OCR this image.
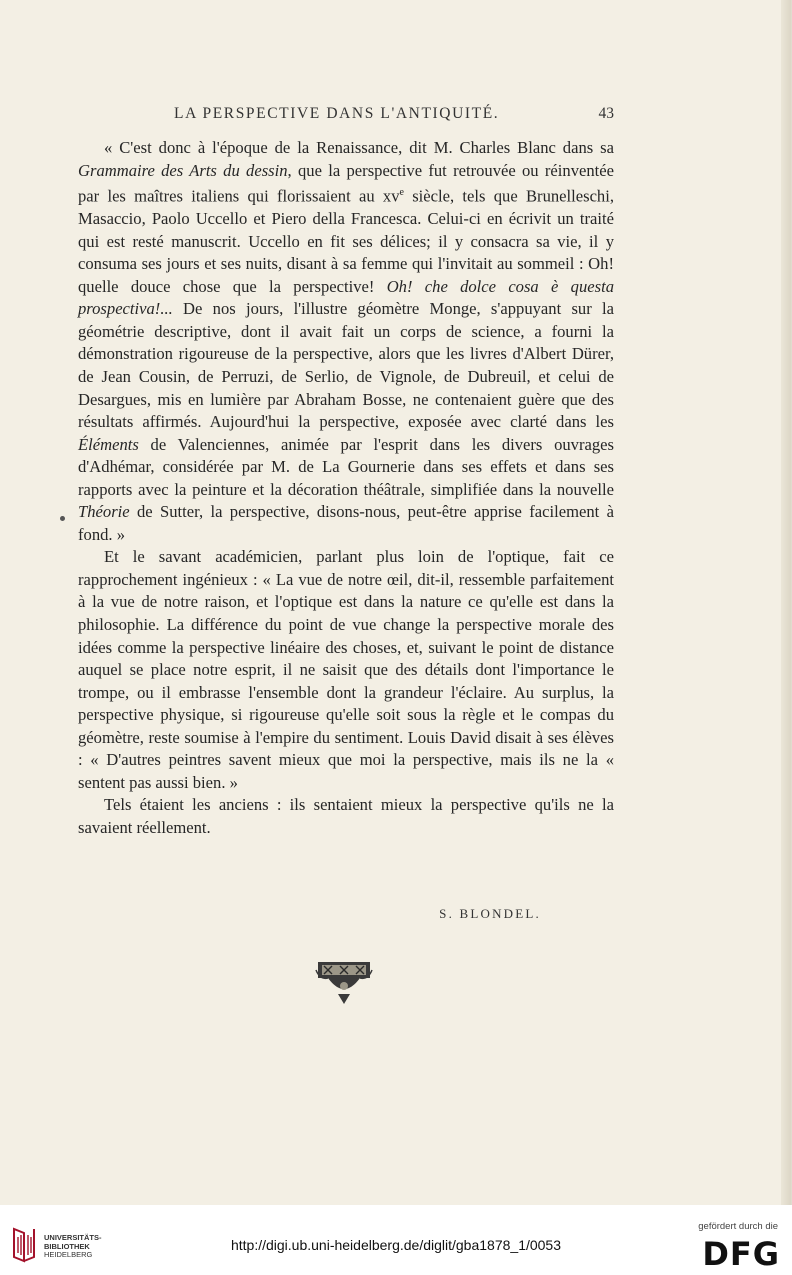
LA PERSPECTIVE DANS L'ANTIQUITÉ.	43

« C'est donc à l'époque de la Renaissance, dit M. Charles Blanc dans sa Grammaire des Arts du dessin, que la perspective fut retrouvée ou réinventée par les maîtres italiens qui florissaient au $xv^e$ siècle, tels que Brunelleschi, Masaccio, Paolo Uccello et Piero della Francesca. Celui-ci en écrivit un traité qui est resté manuscrit. Uccello en fit ses délices; il y consacra sa vie, il y consuma ses jours et ses nuits, disant à sa femme qui l'invitait au sommeil : Oh! quelle douce chose que la perspective! Oh! che dolce cosa è questa prospectiva!... De nos jours, l'illustre géomètre Monge, s'appuyant sur la géométrie descriptive, dont il avait fait un corps de science, a fourni la démonstration rigoureuse de la perspective, alors que les livres d'Albert Dürer, de Jean Cousin, de Perruzi, de Serlio, de Vignole, de Dubreuil, et celui de Desargues, mis en lumière par Abraham Bosse, ne contenaient guère que des résultats affirmés. Aujourd'hui la perspective, exposée avec clarté dans les Éléments de Valenciennes, animée par l'esprit dans les divers ouvrages d'Adhémar, considérée par M. de La Gournerie dans ses effets et dans ses rapports avec la peinture et la décoration théâtrale, simplifiée dans la nouvelle Théorie de Sutter, la perspective, disons-nous, peut-être apprise facilement à fond. »

Et le savant académicien, parlant plus loin de l'optique, fait ce rapprochement ingénieux : « La vue de notre œil, dit-il, ressemble parfaitement à la vue de notre raison, et l'optique est dans la nature ce qu'elle est dans la philosophie. La différence du point de vue change la perspective morale des idées comme la perspective linéaire des choses, et, suivant le point de distance auquel se place notre esprit, il ne saisit que des détails dont l'importance le trompe, ou il embrasse l'ensemble dont la grandeur l'éclaire. Au surplus, la perspective physique, si rigoureuse qu'elle soit sous la règle et le compas du géomètre, reste soumise à l'empire du sentiment. Louis David disait à ses élèves : « D'autres peintres savent mieux que moi la perspective, mais ils ne la « sentent pas aussi bien. »

Tels étaient les anciens : ils sentaient mieux la perspective qu'ils ne la savaient réellement.

S. BLONDEL.
UNIVERSITÄTS-
BIBLIOTHEK
HEIDELBERG
http://digi.ub.uni-heidelberg.de/diglit/gba1878_1/0053
gefördert durch die
DFG
